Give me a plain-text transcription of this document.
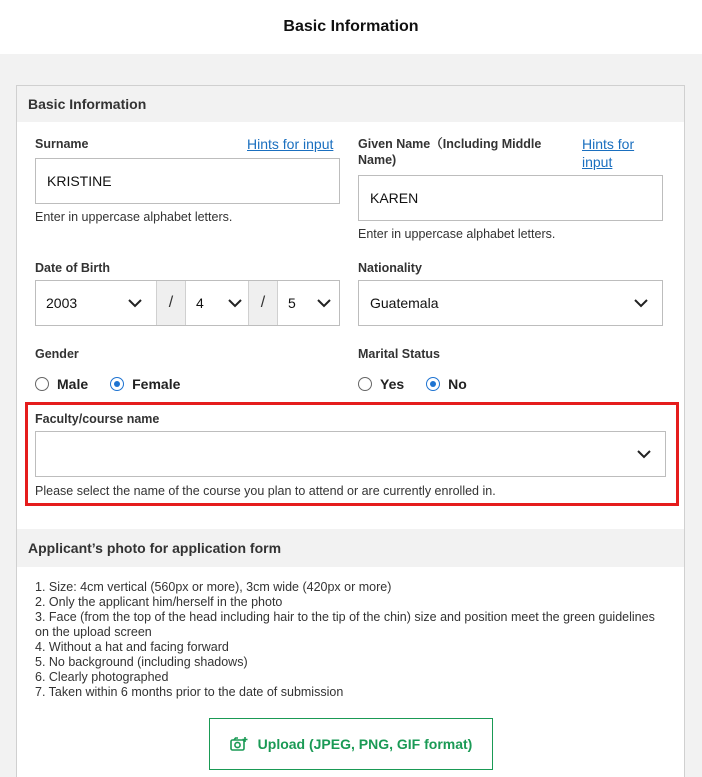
Basic Information
Basic Information
Surname	Hints for input
KRISTINE
Enter in uppercase alphabet letters.
Given Name（Including Middle
Name)
Hints for
input
KAREN
Enter in uppercase alphabet letters.
Date of Birth
2003	/	4	/	5
Nationality
Guatemala
Gender
Male	Female
Marital Status
Yes	No
Faculty/course name
Please select the name of the course you plan to attend or are currently enrolled in.
Applicant’s photo for application form
1. Size: 4cm vertical (560px or more), 3cm wide (420px or more)
2. Only the applicant him/herself in the photo
3. Face (from the top of the head including hair to the tip of the chin) size and position meet the green guidelines on the upload screen
4. Without a hat and facing forward
5. No background (including shadows)
6. Clearly photographed
7. Taken within 6 months prior to the date of submission
Upload (JPEG, PNG, GIF format)
